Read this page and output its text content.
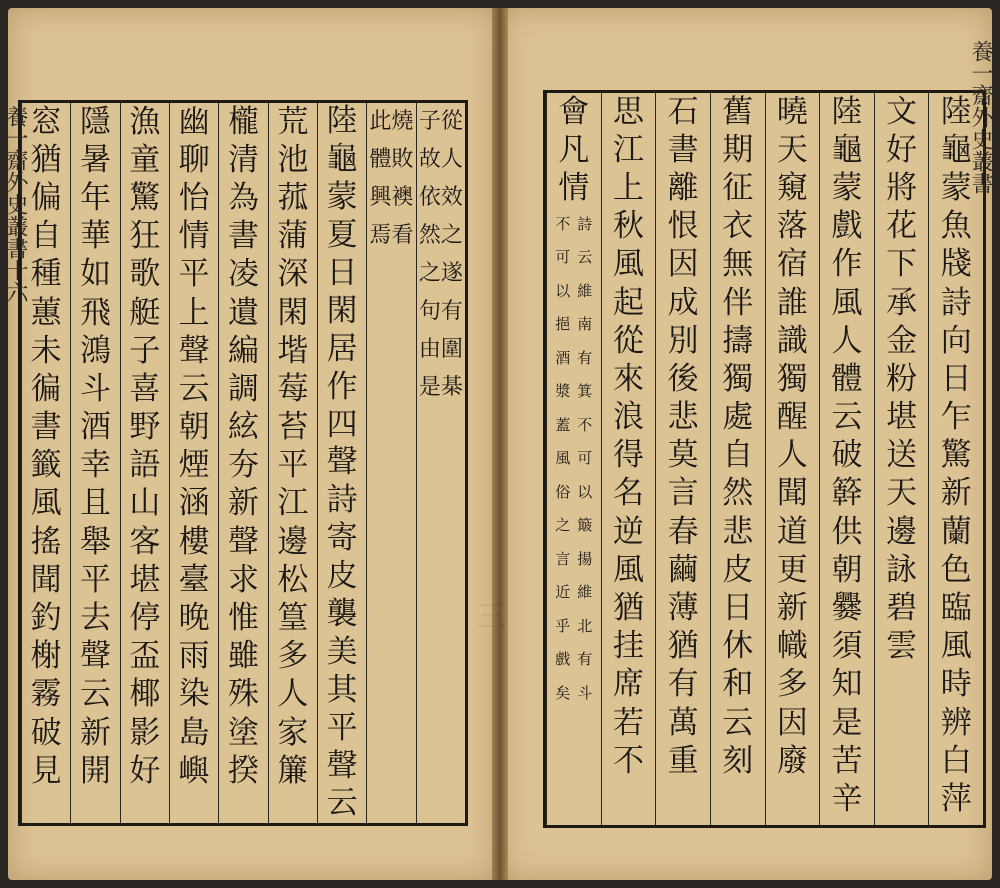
從
人
效
之
遂
有
圍
棊
子
故
依
然
之
句
由
是
燒
敗
襖
看
此
體
興
焉
陸
龜
蒙
夏
日
閑
居
作
四
聲
詩
寄
皮
襲
美
其
平
聲
云
荒
池
菰
蒲
深
閑
堦
莓
苔
平
江
邊
松
篁
多
人
家
簾
櫳
清
為
書
凌
遺
編
調
絃
夯
新
聲
求
惟
雖
殊
塗
揆
幽
聊
怡
情
平
上
聲
云
朝
煙
涵
樓
臺
晚
雨
染
島
嶼
漁
童
驚
狂
歌
艇
子
喜
野
語
山
客
堪
停
盃
椰
影
好
隱
暑
年
華
如
飛
鴻
斗
酒
幸
且
舉
平
去
聲
云
新
開
窓
猶
偏
自
種
蕙
未
徧
書
籤
風
搖
聞
釣
榭
霧
破
見
陸
龜
蒙
魚
牋
詩
向
日
乍
驚
新
蘭
色
臨
風
時
辨
白
萍
文
好
將
花
下
承
金
粉
堪
送
天
邊
詠
碧
雲
陸
龜
蒙
戲
作
風
人
體
云
破
簳
供
朝
爨
須
知
是
苦
辛
曉
天
窺
落
宿
誰
識
獨
醒
人
聞
道
更
新
幟
多
因
廢
舊
期
征
衣
無
伴
擣
獨
處
自
然
悲
皮
日
休
和
云
刻
石
書
離
恨
因
成
別
後
悲
莫
言
春
繭
薄
猶
有
萬
重
思
江
上
秋
風
起
從
來
浪
得
名
逆
風
猶
挂
席
若
不
會
凡
情
詩
云
維
南
有
箕
不
可
以
簸
揚
維
北
有
斗
不
可
以
挹
酒
漿
蓋
風
俗
之
言
近
乎
戲
矣
養一齋外史叢書十六	養一齋外史叢書
三
